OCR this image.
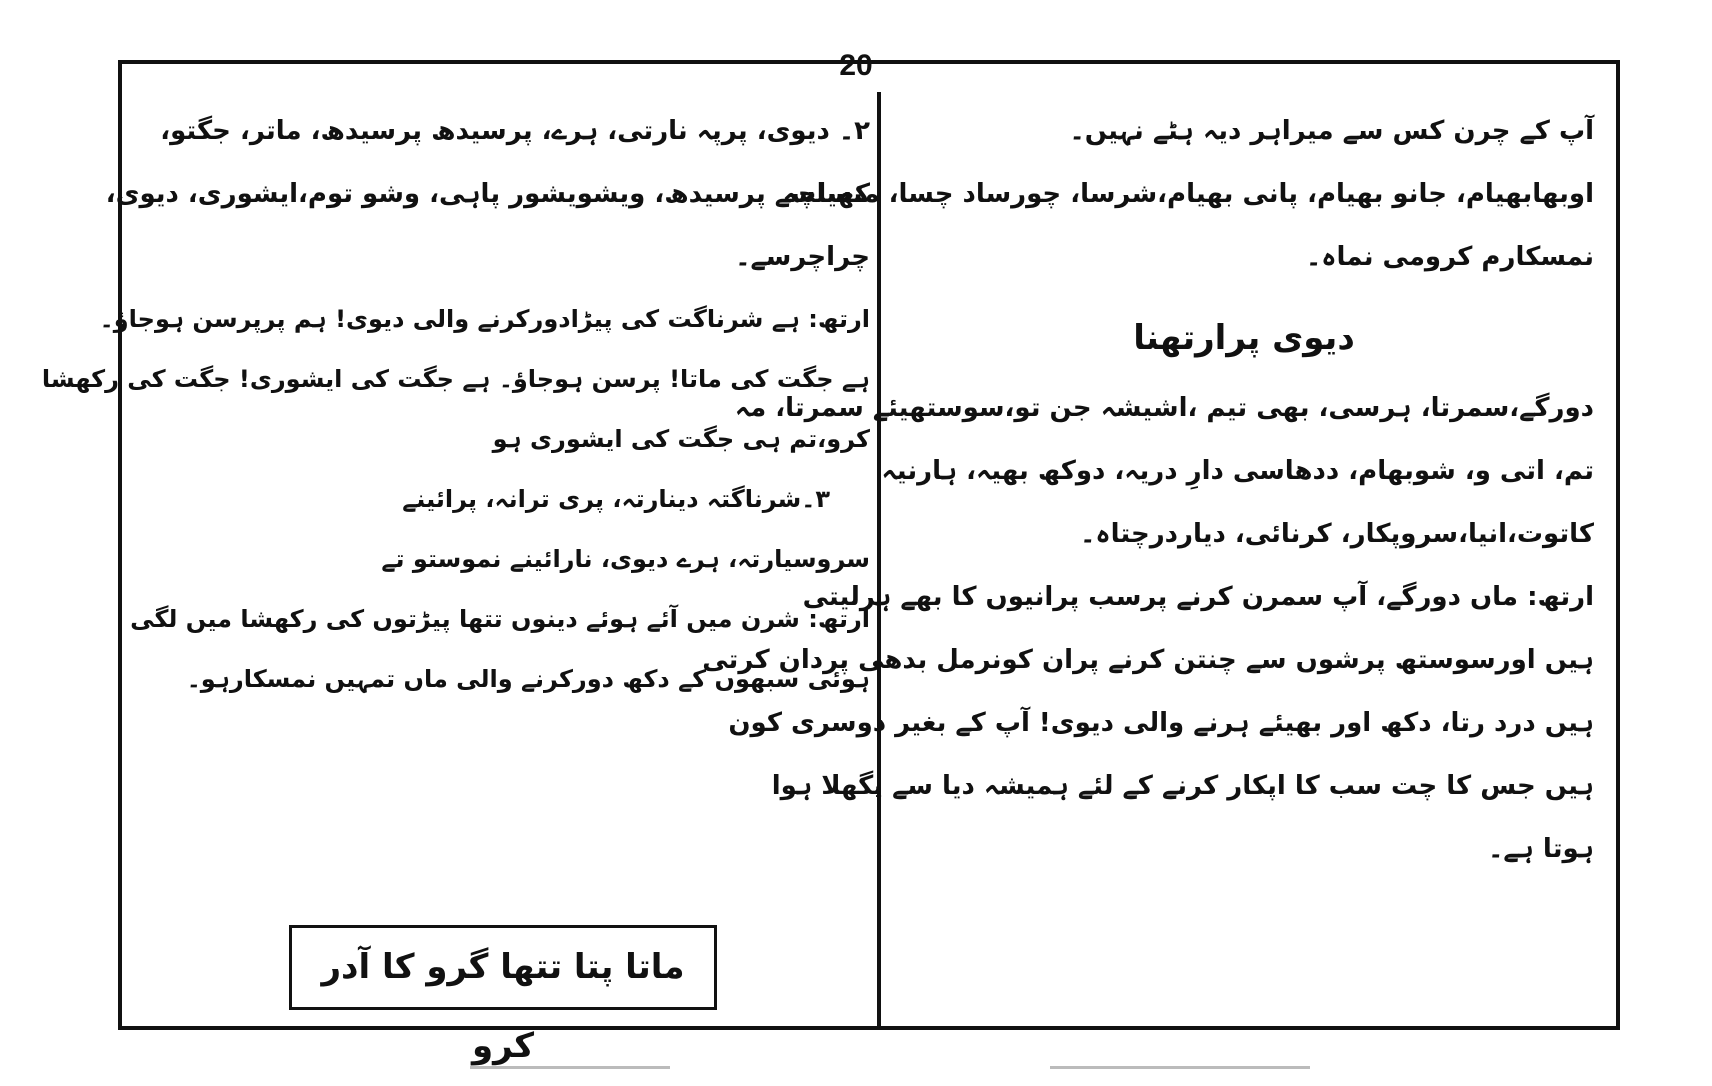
20
آپ کے چرن کس سے میراہر دیہ ہٹے نہیں۔
اوبھابھیام، جانو بھیام، پانی بھیام،شرسا، چورساد چسا، منساچہ
نمسکارم کرومی نماہ۔
دیوی پرارتھنا
دورگے،سمرتا، ہرسی، بھی تیم ،اشیشہ جن تو،سوستھیئے سمرتا، مہ
تم، اتی و، شوبھام، ددھاسی دارِ دریہ، دوکھ بھیہ، ہارنیہ
کاتوت،انیا،سروپکار، کرنائی، دیاردرچتاہ۔
ارتھ: ماں دورگے، آپ سمرن کرنے پرسب پرانیوں کا بھے ہرلیتی
ہیں اورسوستھ پرشوں سے چنتن کرنے پران کونرمل بدھی پردان کرتی
ہیں درد رتا، دکھ اور بھیئے ہرنے والی دیوی! آپ کے بغیر دوسری کون
ہیں جس کا چت سب کا اپکار کرنے کے لئے ہمیشہ دیا سے پگھلا ہوا
ہوتا ہے۔
۲۔ دیوی، پرپہ نارتی، ہرے، پرسیدھ پرسیدھ، ماتر، جگتو،
کھیلسے پرسیدھ، ویشویشور پاہی، وشو توم،ایشوری، دیوی،
چراچرسے۔
ارتھ: ہے شرناگت کی پیڑادورکرنے والی دیوی! ہم پرپرسن ہوجاؤ۔
ہے جگت کی ماتا! پرسن ہوجاؤ۔ ہے جگت کی ایشوری! جگت کی رکھشا
کرو،تم ہی جگت کی ایشوری ہو
۳۔شرناگتہ دینارتہ، پری ترانہ، پرائینے
سروسیارتہ، ہرے دیوی، نارائینے نموستو تے
ارتھ: شرن میں آئے ہوئے دینوں تتھا پیڑتوں کی رکھشا میں لگی
ہوئی سبھوں کے دکھ دورکرنے والی ماں تمہیں نمسکارہو۔
ماتا پتا تتھا گرو کا آدر کرو
